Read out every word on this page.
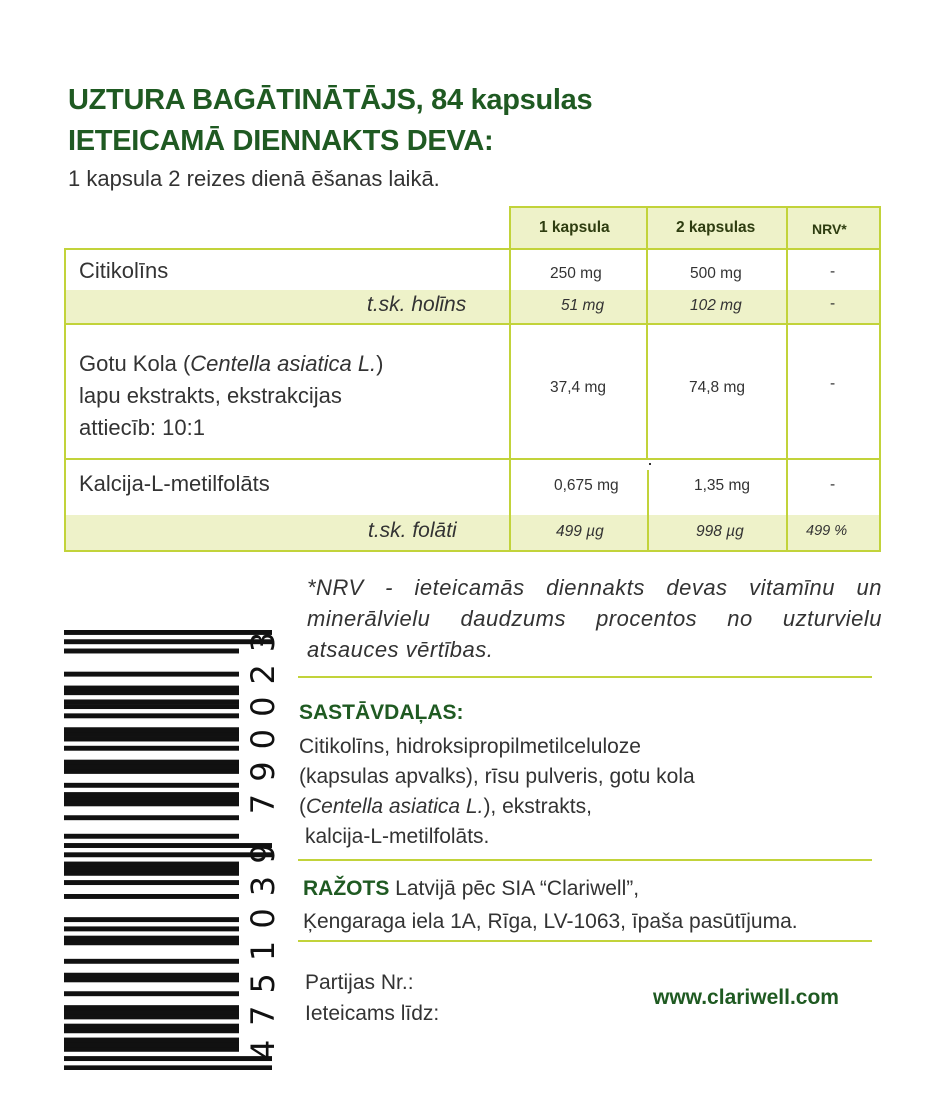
UZTURA BAGĀTINĀTĀJS, 84 kapsulas
IETEICAMĀ DIENNAKTS DEVA:
1 kapsula 2 reizes dienā ēšanas laikā.
1 kapsula	2 kapsulas	NRV*
Citikolīns	250 mg	500 mg	-
t.sk. holīns	51 mg	102 mg	-
Gotu Kola (Centella asiatica L.)
lapu ekstrakts, ekstrakcijas
attiecīb: 10:1
37,4 mg	74,8 mg	-
Kalcija-L-metilfolāts	0,675 mg	1,35 mg	-
t.sk. folāti	499 µg	998 µg	499 %
*NRV - ieteicamās diennakts devas vitamīnu un minerālvielu daudzums procentos no uzturvielu atsauces vērtības.
SASTĀVDAĻAS:
Citikolīns, hidroksipropilmetilceluloze
(kapsulas apvalks), rīsu pulveris, gotu kola
(Centella asiatica L.), ekstrakts,
kalcija-L-metilfolāts.
RAŽOTS Latvijā pēc SIA “Clariwell”,
Ķengaraga iela 1A, Rīga, LV-1063, īpaša pasūtījuma.
Partijas Nr.:
Ieteicams līdz:
www.clariwell.com
4
7
5
1
0
3
9
7
9
0
0
2
3
